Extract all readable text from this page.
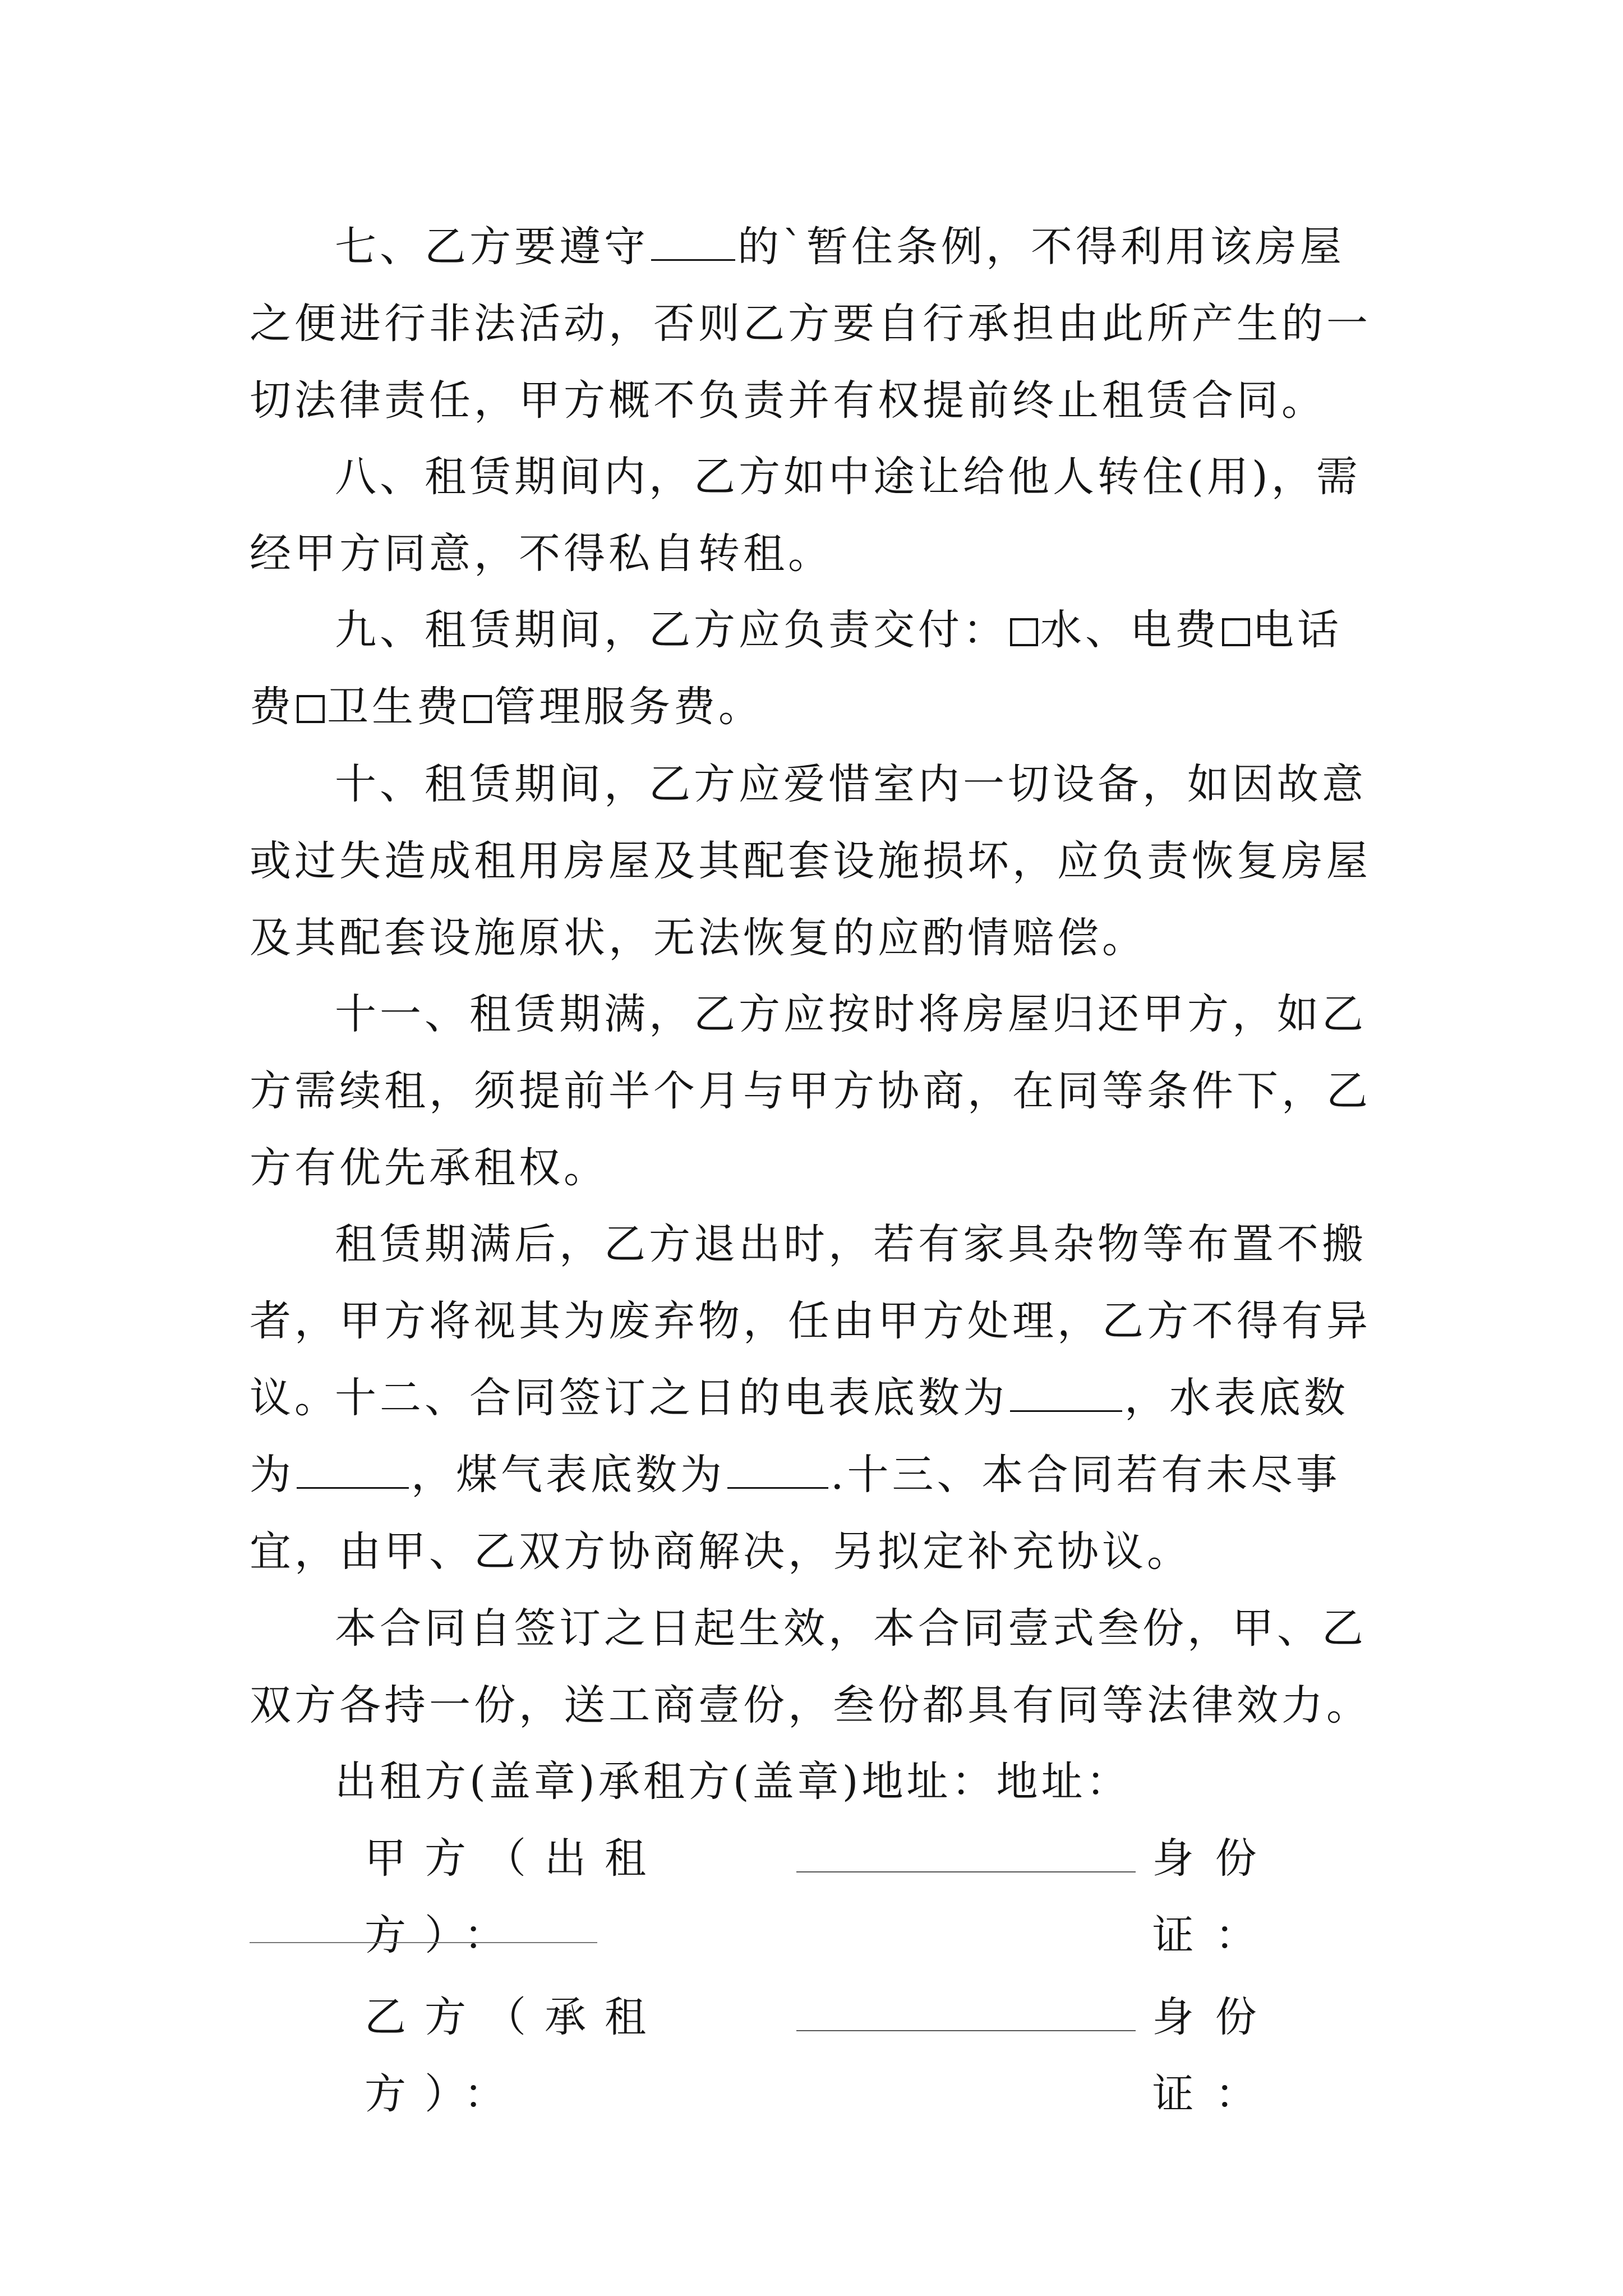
七、乙方要遵守 的`暂住条例，不得利用该房屋之便进行非法活动，否则乙方要自行承担由此所产生的一切法律责任，甲方概不负责并有权提前终止租赁合同。

八、租赁期间内，乙方如中途让给他人转住(用)，需经甲方同意，不得私自转租。

九、租赁期间，乙方应负责交付： 水、电费 电话费 卫生费 管理服务费。

十、租赁期间，乙方应爱惜室内一切设备，如因故意或过失造成租用房屋及其配套设施损坏，应负责恢复房屋及其配套设施原状，无法恢复的应酌情赔偿。

十一、租赁期满，乙方应按时将房屋归还甲方，如乙方需续租，须提前半个月与甲方协商，在同等条件下，乙方有优先承租权。

租赁期满后，乙方退出时，若有家具杂物等布置不搬者，甲方将视其为废弃物，任由甲方处理，乙方不得有异议。

十二、合同签订之日的电表底数为	，水表底数为	，煤气表底数为	.十三、本合同若有未尽事宜，由甲、乙双方协商解决，另拟定补充协议。

本合同自签订之日起生效，本合同壹式叁份，甲、乙双方各持一份，送工商壹份，叁份都具有同等法律效力。

出租方(盖章)承租方(盖章)地址：地址：

甲方（出租方）：
身份证：
乙方（承租方）：
身份证：
